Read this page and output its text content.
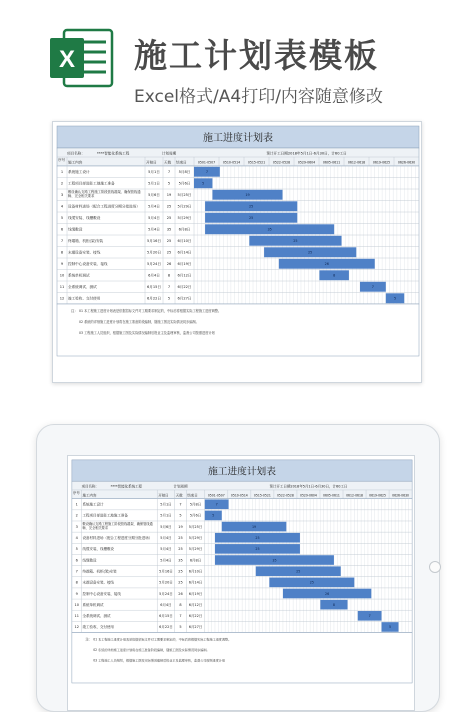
X 施工计划表模板
Excel格式/A4打印/内容随意修改
施工进度计划表
项目名称：	****智能化系统工程	计划周期	预计开工日期2018年5月1日-6月30日，计60工日
序号
施工内容	开始日 天数 结束日	0501-0507 0510-0514 0515-0521 0522-0528 0529-0604 0605-0611 0612-0618 0619-0625 0626-0630
1 系统施工设计	5月1日 7 5月8日	7
2 工程项目部进驻工地施工准备	5月1日 5 5月6日	5
3
敷设确认支路工程施工阶段管线端架、确保管线通畅、完全相关要求	5月6日 19 5月25日	19
4 设备材料进场（配合工程进度分期分批进场） 5月4日 25 5月29日	25
5 线缆安装、线槽敷设	5月4日 25 5月29日	25
6 线缆敷设	5月4日 35 6月8日	35
7 终端箱、机柜(架)安装	5月16日 25 6月10日	25
8 末端设备安装、接线	5月20日 25 6月14日	25
9 控制中心设备安装、接线	5月24日 26 6月19日	26
10 系统单机调试	6月4日 8 6月12日	8
11 全系统调试、测试	6月15日 7 6月22日	7
12 竣工验收、交付使用	6月22日 5 6月27日	5
注： 01 本工程施工进度计划表是依据招标文件对工期要求制定的，中标后将根据实际工程施工进度调整。
02 系统的详细施工进度计划将在施工准备阶段编制，随施工图及实际情况同步编制。
03 工程施工人员组织，根据施工图及实际情况编制后报业主及监理审核，监督公司按照进度计划
施工进度计划表
项目名称：	****智能化系统工程	计划周期	预计开工日期2018年5月1日-6月30日，计60工日
序号
施工内容	开始日 天数 结束日	0501-0507 0510-0514 0515-0521 0522-0528 0529-0604 0605-0611 0612-0618 0619-0625 0626-0630
1 系统施工设计	5月1日 7 5月8日	7
2 工程项目部进驻工地施工准备	5月1日 5 5月6日	5
3
敷设确认支路工程施工阶段管线端架、确保管线通畅、完全相关要求	5月6日 19 5月25日	19
4 设备材料进场（配合工程进度分期分批进场） 5月4日 25 5月29日	25
5 线缆安装、线槽敷设	5月4日 25 5月29日	25
6 线缆敷设	5月4日 35 6月8日	35
7 终端箱、机柜(架)安装	5月16日 25 6月10日	25
8 末端设备安装、接线	5月20日 25 6月14日	25
9 控制中心设备安装、接线	5月24日 26 6月19日	26
10 系统单机调试	6月4日 8 6月12日	8
11 全系统调试、测试	6月15日 7 6月22日	7
12 竣工验收、交付使用	6月22日 5 6月27日	5
注： 01 本工程施工进度计划表是依据招标文件对工期要求制定的，中标后将根据实际工程施工进度调整。
02 系统的详细施工进度计划将在施工准备阶段编制，随施工图及实际情况同步编制。
03 工程施工人员组织，根据施工图及实际情况编制后报业主及监理审核，监督公司按照进度计划
